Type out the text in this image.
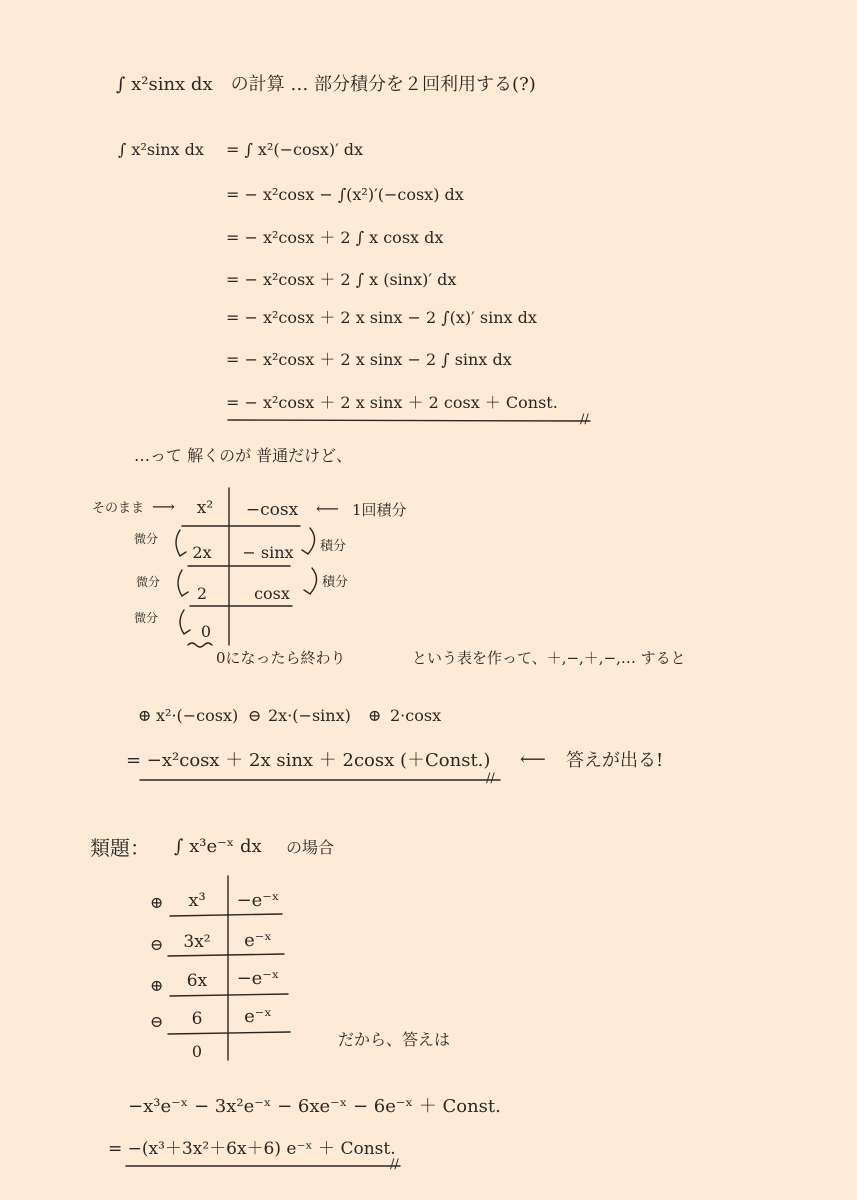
∫ x²sinx dx　の計算 … 部分積分を２回利用する(?)
∫ x²sinx dx = ∫ x²(−cosx)′ dx
= − x²cosx − ∫(x²)′(−cosx) dx
= − x²cosx ＋ 2 ∫ x cosx dx
= − x²cosx ＋ 2 ∫ x (sinx)′ dx
= − x²cosx ＋ 2 x sinx − 2 ∫(x)′ sinx dx
= − x²cosx ＋ 2 x sinx − 2 ∫ sinx dx
= − x²cosx ＋ 2 x sinx ＋ 2 cosx ＋ Const.
//
…って 解くのが 普通だけど、
そのまま ⟶	x²	−cosx	⟵ 1回積分
微分
2x	− sinx	積分
微分
2	cosx
積分
微分
0
0になったら終わり	という表を作って、＋,−,＋,−,… すると
⊕ x²·(−cosx) ⊖ 2x·(−sinx) ⊕ 2·cosx
= −x²cosx ＋ 2x sinx ＋ 2cosx (＋Const.) ⟵ 答えが出る!
//
類題： ∫ x³e⁻ˣ dx の場合
⊕	x³	−e⁻ˣ
⊖	3x²	e⁻ˣ
⊕	6x	−e⁻ˣ
⊖	6	e⁻ˣ
0
だから、答えは
−x³e⁻ˣ − 3x²e⁻ˣ − 6xe⁻ˣ − 6e⁻ˣ ＋ Const.
= −(x³＋3x²＋6x＋6) e⁻ˣ ＋ Const.
//
